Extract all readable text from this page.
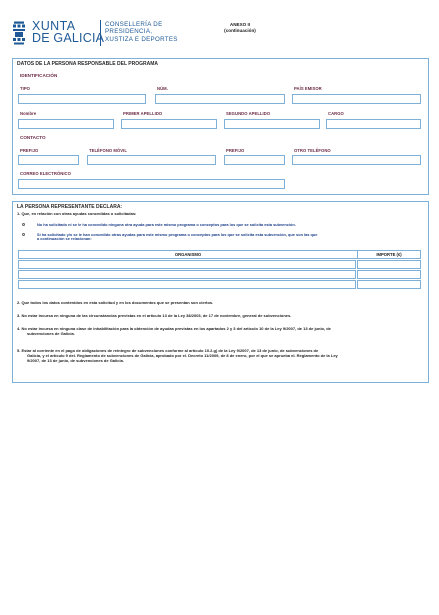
XUNTA
DE GALICIA
CONSELLERÍA DE
PRESIDENCIA,
XUSTIZA E DEPORTES
ANEXO II
(continuación)
DATOS DE LA PERSONA RESPONSABLE DEL PROGRAMA
IDENTIFICACIÓN
TIPO	NÚM.	PAÍS EMISOR
Nombre	PRIMER APELLIDO	SEGUNDO APELLIDO	CARGO
CONTACTO
PREFIJO	TELÉFONO MÓVIL	PREFIJO	OTRO TELÉFONO
CORREO ELECTRÓNICO
LA PERSONA REPRESENTANTE DECLARA:
1. Que, en relación con otras ayudas concedidas o solicitadas:
No ha solicitado ni se le ha concedido ninguna otra ayuda para este mismo programa o conceptos para los que se solicita esta subvención.
Sí ha solicitado y/o se le han concedido otras ayudas para este mismo programa o conceptos para los que se solicita esta subvención, que son las que
a continuación se relacionan:
ORGANISMO	IMPORTE (€)
2. Que todos los datos contenidos en esta solicitud y en los documentos que se presentan son ciertos.
3. No estar incursa en ninguna de las circunstancias previstas en el artículo 13 de la Ley 38/2003, de 17 de noviembre, general de subvenciones.
4. No estar incursa en ninguna clase de inhabilitación para la obtención de ayudas previstas en los apartados 2 y 3 del artículo 10 de la Ley 9/2007, de 13 de junio, de
subvenciones de Galicia.
5. Estar al corriente en el pago de obligaciones de reintegro de subvenciones conforme al artículo 10.2.g) de la Ley 9/2007, de 13 de junio, de subvenciones de
Galicia, y el artículo 9 del. Reglamento de subvenciones de Galicia, aprobado por el. Decreto 11/2009, de 8 de enero, por el que se aprueba el. Reglamento de la Ley
9/2007, de 13 de junio, de subvenciones de Galicia.
